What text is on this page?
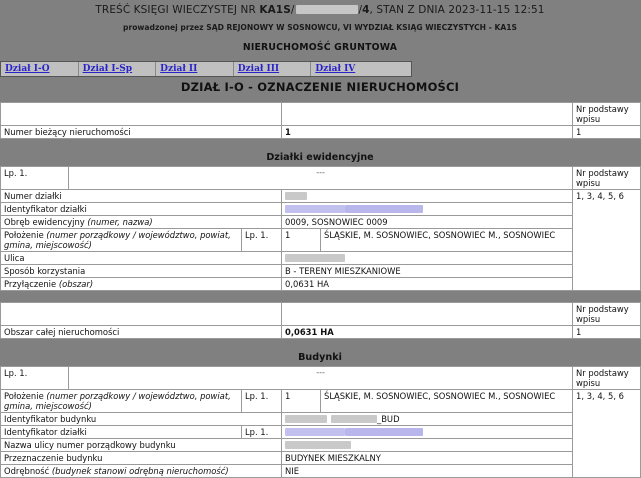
TREŚĆ KSIĘGI WIECZYSTEJ NR KA1S/	/4, STAN Z DNIA 2023-11-15 12:51
prowadzonej przez SĄD REJONOWY W SOSNOWCU, VI WYDZIAŁ KSIĄG WIECZYSTYCH - KA1S
NIERUCHOMOŚĆ GRUNTOWA
Dział I-O	Dział I-Sp	Dział II	Dział III	Dział IV
DZIAŁ I-O - OZNACZENIE NIERUCHOMOŚCI
		Nr podstawy wpisu
Numer bieżący nieruchomości	1	1
Działki ewidencyjne
Lp. 1.	---				Nr podstawy wpisu
Numer działki					1, 3, 4, 5, 6
Identyfikator działki					
Obręb ewidencyjny (numer, nazwa)			0009, SOSNOWIEC 0009		
Położenie (numer porządkowy / województwo, powiat, gmina, miejscowość)		Lp. 1.	1	ŚLĄSKIE, M. SOSNOWIEC, SOSNOWIEC M., SOSNOWIEC	
Ulica					
Sposób korzystania			B - TERENY MIESZKANIOWE		
Przyłączenie (obszar)			0,0631 HA		
		Nr podstawy wpisu
Obszar całej nieruchomości	0,0631 HA	1
Budynki
Lp. 1.	---				Nr podstawy wpisu
Położenie (numer porządkowy / województwo, powiat, gmina, miejscowość)		Lp. 1.	1	ŚLĄSKIE, M. SOSNOWIEC, SOSNOWIEC M., SOSNOWIEC	1, 3, 4, 5, 6
Identyfikator budynku			_BUD		
Identyfikator działki		Lp. 1.			
Nazwa ulicy numer porządkowy budynku					
Przeznaczenie budynku			BUDYNEK MIESZKALNY		
Odrębność (budynek stanowi odrębną nieruchomość)			NIE		
